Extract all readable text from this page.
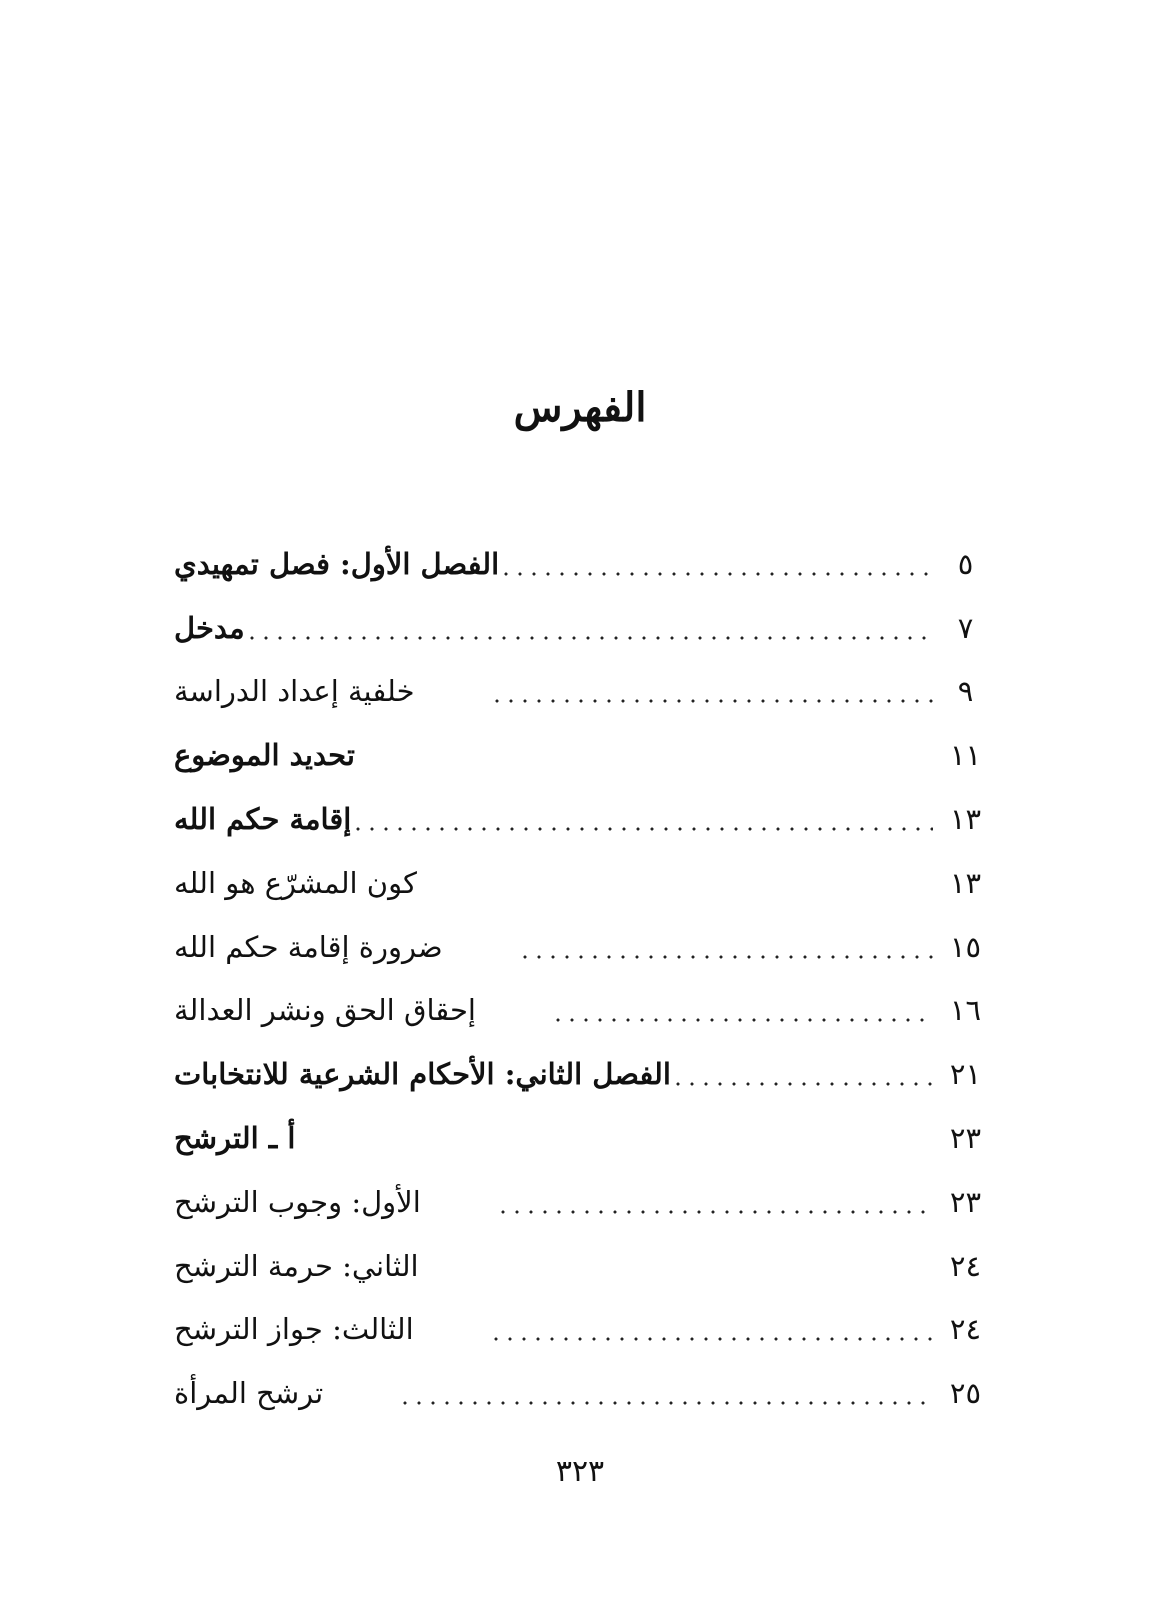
الفهرس
الفصل الأول: فصل تمهيدي	٥
مدخل	٧
خلفية إعداد الدراسة	٩
تحديد الموضوع	١١
إقامة حكم الله	١٣
كون المشرّع هو الله	١٣
ضرورة إقامة حكم الله	١٥
إحقاق الحق ونشر العدالة	١٦
الفصل الثاني: الأحكام الشرعية للانتخابات	٢١
أ ـ الترشح	٢٣
الأول: وجوب الترشح	٢٣
الثاني: حرمة الترشح	٢٤
الثالث: جواز الترشح	٢٤
ترشح المرأة	٢٥
٣٢٣
